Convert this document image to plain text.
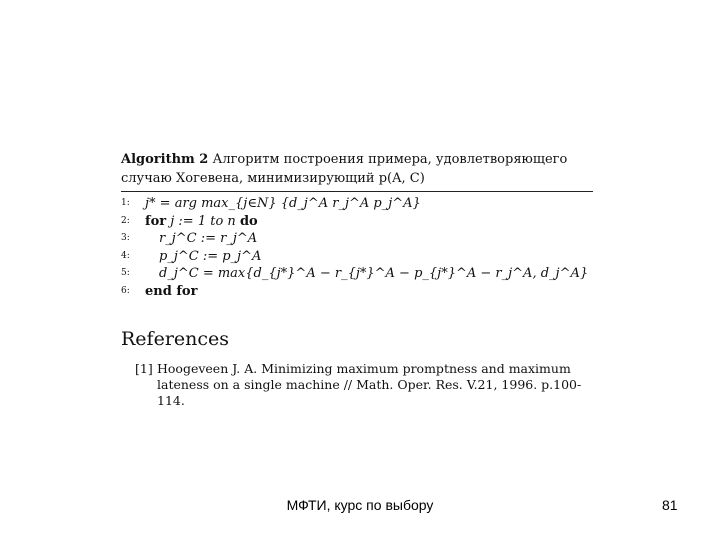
Algorithm 2 Алгоритм построения примера, удовлетворяющего случаю Хогевена, минимизирующий p(A, C)
1:	j* = arg max_{j∈N} {d_j^A r_j^A p_j^A}
2:	for j := 1 to n do
3:	r_j^C := r_j^A
4:	p_j^C := p_j^A
5:	d_j^C = max{d_{j*}^A − r_{j*}^A − p_{j*}^A − r_j^A, d_j^A}
6:	end for
References
[1] Hoogeveen J. A. Minimizing maximum promptness and maximum lateness on a single machine // Math. Oper. Res. V.21, 1996. p.100-114.
МФТИ, курс по выбору	81
